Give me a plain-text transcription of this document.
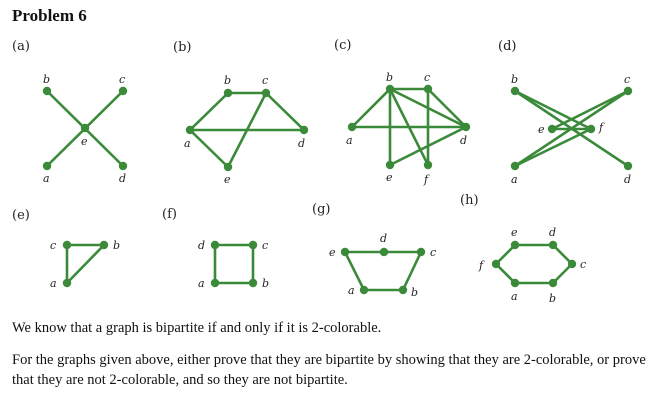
Problem 6
(a)
a
b	c
e
d
(b)
b	c
a	d
e
(c)
b	c
a	d
e	f
(d)
b	c
e	f
a	d
(e)
c	b
a
(f)
d	c
a	b
(g)
e
d
c
a	b
(h)
e	d
f	c
a	b

We know that a graph is bipartite if and only if it is 2-colorable.

For the graphs given above, either prove that they are bipartite by showing that they are 2-colorable, or prove that they are not 2-colorable, and so they are not bipartite.
